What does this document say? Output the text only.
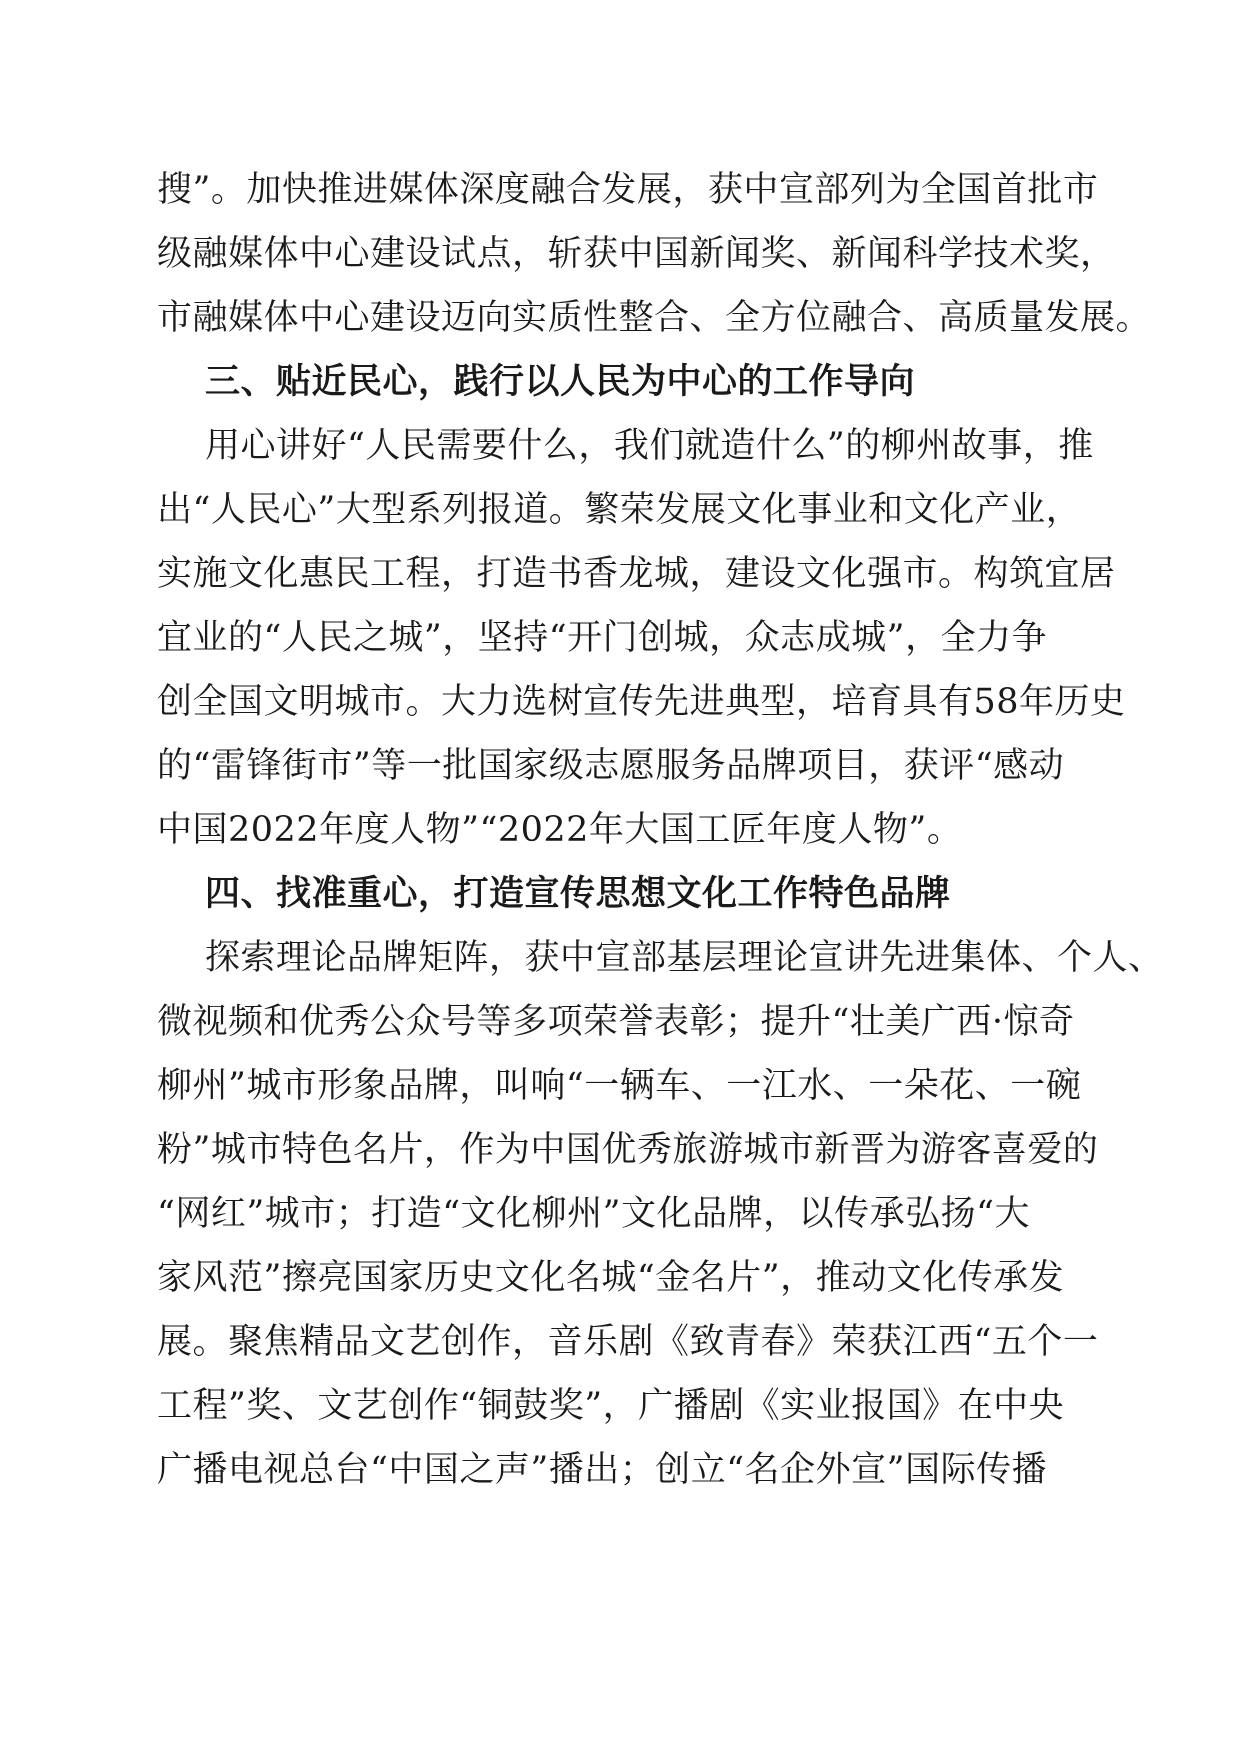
搜”。加快推进媒体深度融合发展，获中宣部列为全国首批市
级融媒体中心建设试点，斩获中国新闻奖、新闻科学技术奖，
市融媒体中心建设迈向实质性整合、全方位融合、高质量发展。
三、贴近民心，践行以人民为中心的工作导向
用心讲好“人民需要什么，我们就造什么”的柳州故事，推
出“人民心”大型系列报道。繁荣发展文化事业和文化产业，
实施文化惠民工程，打造书香龙城，建设文化强市。构筑宜居
宜业的“人民之城”，坚持“开门创城，众志成城”，全力争
创全国文明城市。大力选树宣传先进典型，培育具有58年历史
的“雷锋街市”等一批国家级志愿服务品牌项目，获评“感动
中国2022年度人物”“2022年大国工匠年度人物”。
四、找准重心，打造宣传思想文化工作特色品牌
探索理论品牌矩阵，获中宣部基层理论宣讲先进集体、个人、
微视频和优秀公众号等多项荣誉表彰；提升“壮美广西·惊奇
柳州”城市形象品牌，叫响“一辆车、一江水、一朵花、一碗
粉”城市特色名片，作为中国优秀旅游城市新晋为游客喜爱的
“网红”城市；打造“文化柳州”文化品牌，以传承弘扬“大
家风范”擦亮国家历史文化名城“金名片”，推动文化传承发
展。聚焦精品文艺创作，音乐剧《致青春》荣获江西“五个一
工程”奖、文艺创作“铜鼓奖”，广播剧《实业报国》在中央
广播电视总台“中国之声”播出；创立“名企外宣”国际传播
